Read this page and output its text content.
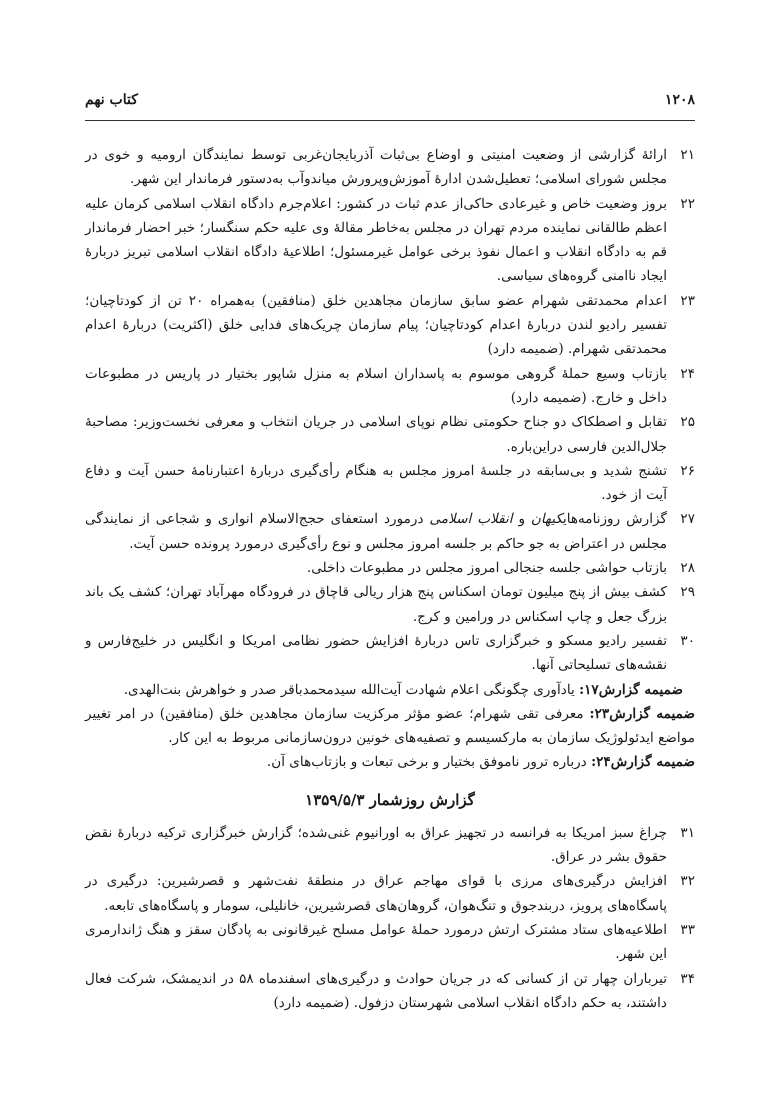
۱۲۰۸
کتاب نهم
۲۱
ارائهٔ گزارشی از وضعیت امنیتی و اوضاع بی‌ثبات آذربایجان‌غربی توسط نمایندگان ارومیه و خوی در مجلس شورای اسلامی؛ تعطیل‌شدن ادارهٔ آموزش‌وپرورش میاندوآب به‌دستور فرماندار این شهر.
۲۲
بروز وضعیت خاص و غیرعادی حاکی‌از عدم ثبات در کشور: اعلام‌جرم دادگاه انقلاب اسلامی کرمان علیه اعظم طالقانی نماینده مردم تهران در مجلس به‌خاطر مقالهٔ وی علیه حکم سنگسار؛ خبر احضار فرماندار قم به دادگاه انقلاب و اعمال نفوذ برخی عوامل غیرمسئول؛ اطلاعیهٔ دادگاه انقلاب اسلامی تبریز دربارهٔ ایجاد ناامنی گروه‌های سیاسی.
۲۳
اعدام محمدتقی شهرام عضو سابق سازمان مجاهدین خلق (منافقین) به‌همراه ۲۰ تن از کودتاچیان؛ تفسیر رادیو لندن دربارهٔ اعدام کودتاچیان؛ پیام سازمان چریک‌های فدایی خلق (اکثریت) دربارهٔ اعدام محمدتقی شهرام. (ضمیمه دارد)
۲۴
بازتاب وسیع حملهٔ گروهی موسوم به پاسداران اسلام به منزل شاپور بختیار در پاریس در مطبوعات داخل و خارج. (ضمیمه دارد)
۲۵
تقابل و اصطکاک دو جناح حکومتی نظام نوپای اسلامی در جریان انتخاب و معرفی نخست‌وزیر: مصاحبهٔ جلال‌الدین فارسی دراین‌باره.
۲۶
تشنج شدید و بی‌سابقه در جلسهٔ امروز مجلس به هنگام رأی‌گیری دربارهٔ اعتبارنامهٔ حسن آیت و دفاع آیت از خود.
۲۷
گزارش روزنامه‌هایکیهان و انقلاب اسلامی درمورد استعفای حجج‌الاسلام انواری و شجاعی از نمایندگی مجلس در اعتراض به جو حاکم بر جلسه امروز مجلس و نوع رأی‌گیری درمورد پرونده حسن آیت.
۲۸
بازتاب حواشی جلسه جنجالی امروز مجلس در مطبوعات داخلی.
۲۹
کشف بیش از پنج میلیون تومان اسکناس پنج هزار ریالی قاچاق در فرودگاه مهرآباد تهران؛ کشف یک باند بزرگ جعل و چاپ اسکناس در ورامین و کرج.
۳۰
تفسیر رادیو مسکو و خبرگزاری تاس دربارهٔ افزایش حضور نظامی امریکا و انگلیس در خلیج‌فارس و نقشه‌های تسلیحاتی آنها.
ضمیمه گزارش۱۷: یادآوری چگونگی اعلام شهادت آیت‌الله سیدمحمدباقر صدر و خواهرش بنت‌الهدی.
ضمیمه گزارش۲۳: معرفی تقی شهرام؛ عضو مؤثر مرکزیت سازمان مجاهدین خلق (منافقین) در امر تغییر مواضع ایدئولوژیک سازمان به مارکسیسم و تصفیه‌های خونین درون‌سازمانی مربوط به این کار.
ضمیمه گزارش۲۴: درباره ترور ناموفق بختیار و برخی تبعات و بازتاب‌های آن.
گزارش روزشمار ۱۳۵۹/۵/۳
۳۱
چراغ سبز امریکا به فرانسه در تجهیز عراق به اورانیوم غنی‌شده؛ گزارش خبرگزاری ترکیه دربارهٔ نقض حقوق بشر در عراق.
۳۲
افزایش درگیری‌های مرزی با قوای مهاجم عراق در منطقهٔ نفت‌شهر و قصرشیرین: درگیری در پاسگاه‌های پرویز، دربندجوق و تنگ‌هوان، گروهان‌های قصرشیرین، خانلیلی، سومار و پاسگاه‌های تابعه.
۳۳
اطلاعیه‌های ستاد مشترک ارتش درمورد حملهٔ عوامل مسلح غیرقانونی به پادگان سقز و هنگ ژاندارمری این شهر.
۳۴
تیرباران چهار تن از کسانی که در جریان حوادث و درگیری‌های اسفندماه ۵۸ در اندیمشک، شرکت فعال داشتند، به حکم دادگاه انقلاب اسلامی شهرستان دزفول. (ضمیمه دارد)
